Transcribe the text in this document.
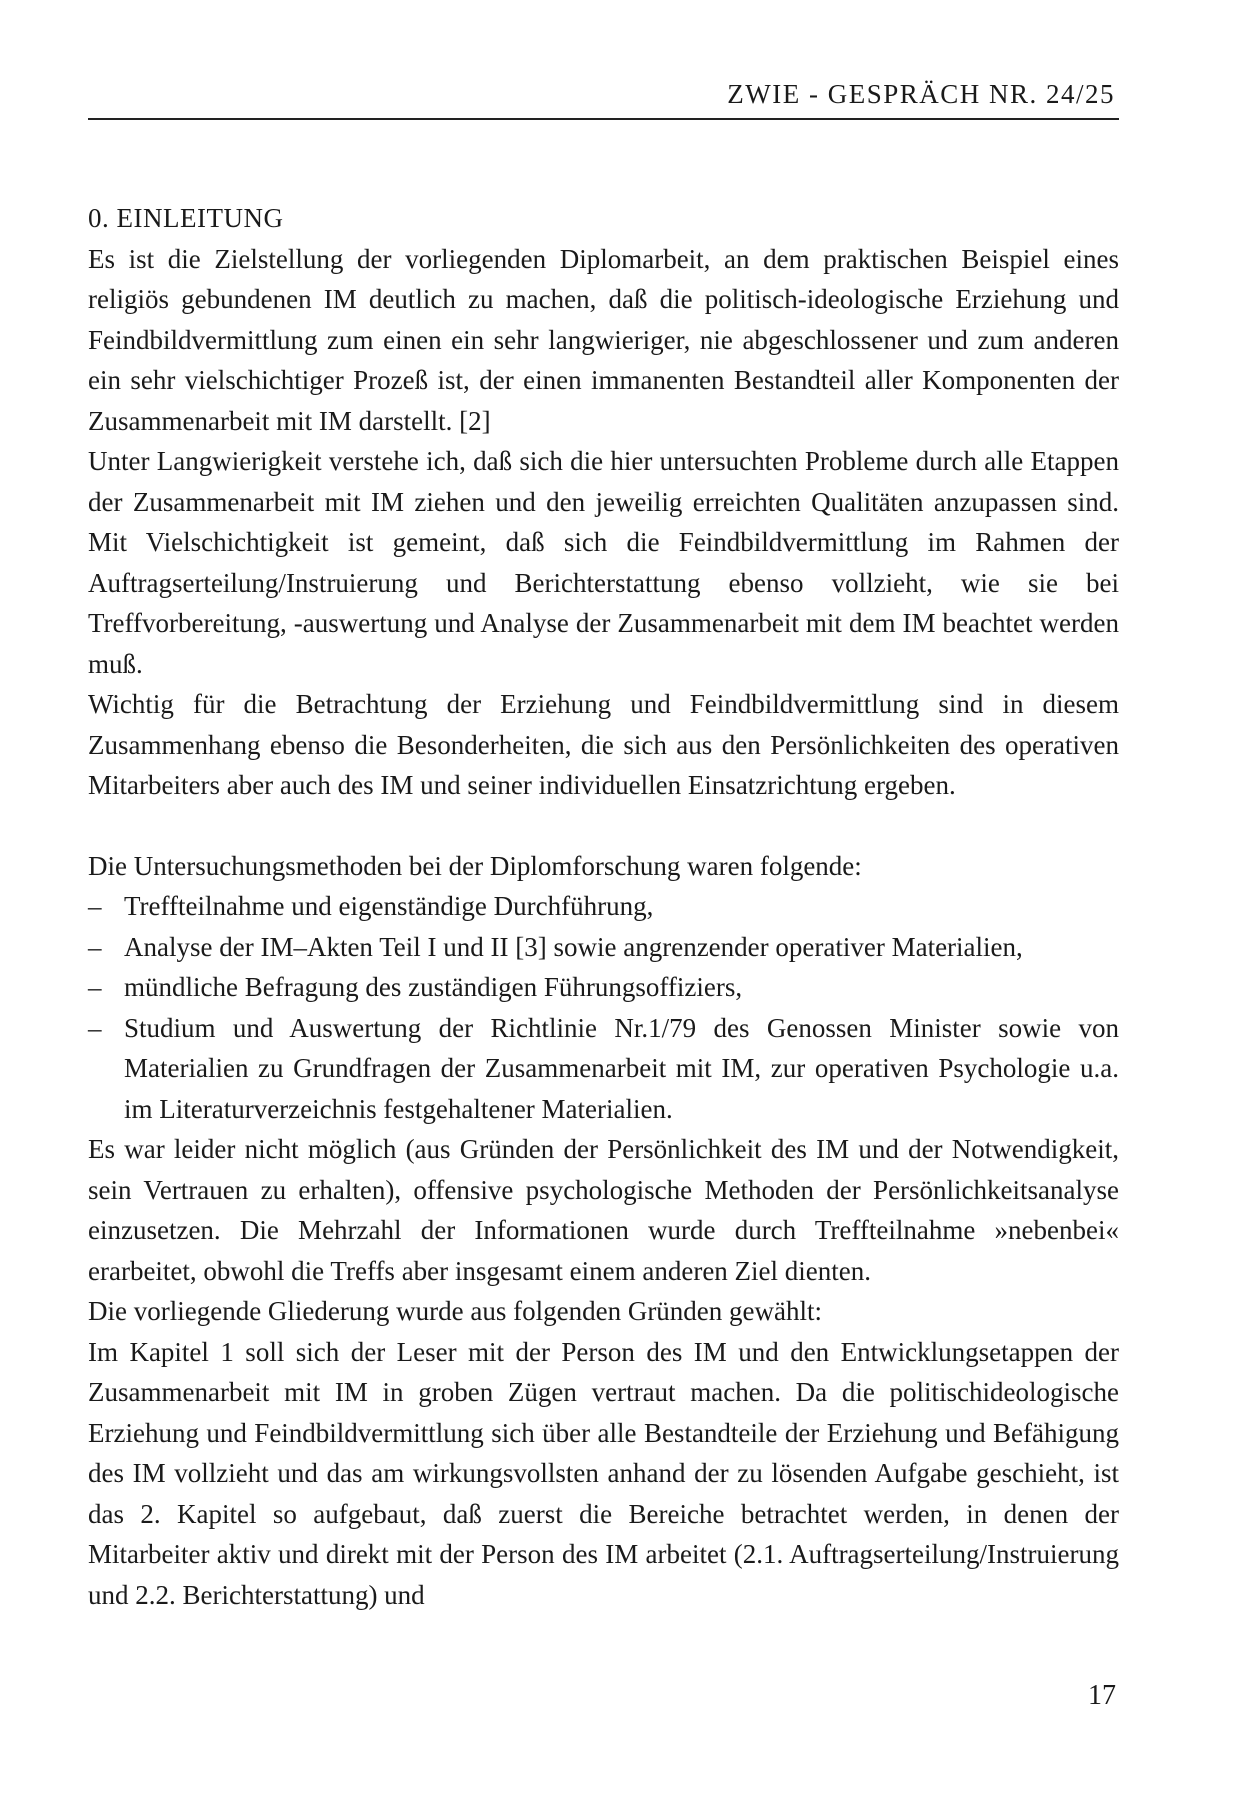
ZWIE - GESPRÄCH NR. 24/25
0. EINLEITUNG

Es ist die Zielstellung der vorliegenden Diplomarbeit, an dem praktischen Beispiel eines religiös gebundenen IM deutlich zu machen, daß die politisch-ideologische Erziehung und Feindbildvermittlung zum einen ein sehr langwieriger, nie abgeschlossener und zum anderen ein sehr vielschichtiger Prozeß ist, der einen immanenten Bestandteil aller Komponenten der Zusammenarbeit mit IM darstellt. [2]

Unter Langwierigkeit verstehe ich, daß sich die hier untersuchten Probleme durch alle Etappen der Zusammenarbeit mit IM ziehen und den jeweilig erreichten Qualitäten anzupassen sind. Mit Vielschichtigkeit ist gemeint, daß sich die Feindbildvermittlung im Rahmen der Auftragserteilung/Instruierung und Berichterstattung ebenso vollzieht, wie sie bei Treffvorbereitung, -auswertung und Analyse der Zusammenarbeit mit dem IM beachtet werden muß.

Wichtig für die Betrachtung der Erziehung und Feindbildvermittlung sind in diesem Zusammenhang ebenso die Besonderheiten, die sich aus den Persönlichkeiten des operativen Mitarbeiters aber auch des IM und seiner individuellen Einsatzrichtung ergeben.

Die Untersuchungsmethoden bei der Diplomforschung waren folgende:

– Treffteilnahme und eigenständige Durchführung,
– Analyse der IM–Akten Teil I und II [3] sowie angrenzender operativer Materialien,
– mündliche Befragung des zuständigen Führungsoffiziers,
– Studium und Auswertung der Richtlinie Nr.1/79 des Genossen Minister sowie von Materialien zu Grundfragen der Zusammenarbeit mit IM, zur operativen Psychologie u.a. im Literaturverzeichnis festgehaltener Materialien.

Es war leider nicht möglich (aus Gründen der Persönlichkeit des IM und der Notwendigkeit, sein Vertrauen zu erhalten), offensive psychologische Methoden der Persönlichkeitsanalyse einzusetzen. Die Mehrzahl der Informationen wurde durch Treffteilnahme »nebenbei« erarbeitet, obwohl die Treffs aber insgesamt einem anderen Ziel dienten.

Die vorliegende Gliederung wurde aus folgenden Gründen gewählt:

Im Kapitel 1 soll sich der Leser mit der Person des IM und den Entwicklungsetappen der Zusammenarbeit mit IM in groben Zügen vertraut machen. Da die politischideologische Erziehung und Feindbildvermittlung sich über alle Bestandteile der Erziehung und Befähigung des IM vollzieht und das am wirkungsvollsten anhand der zu lösenden Aufgabe geschieht, ist das 2. Kapitel so aufgebaut, daß zuerst die Bereiche betrachtet werden, in denen der Mitarbeiter aktiv und direkt mit der Person des IM arbeitet (2.1. Auftragserteilung/Instruierung und 2.2. Berichterstattung) und

17
